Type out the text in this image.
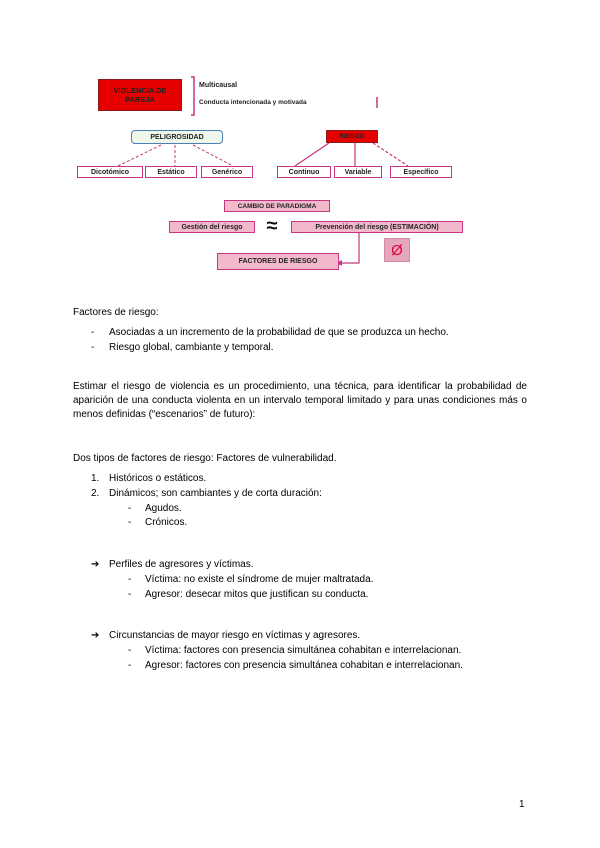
VIOLENCIA DE PAREJA
Multicausal
Conducta intencionada y motivada
PELIGROSIDAD	RIESGO
Dicotómico	Estático	Genérico	Continuo	Variable	Específico
CAMBIO DE PARADIGMA
Gestión del riesgo	≈	Prevención del riesgo (ESTIMACIÓN)
FACTORES DE RIESGO
Ø
Factores de riesgo:
- Asociadas a un incremento de la probabilidad de que se produzca un hecho.
- Riesgo global, cambiante y temporal.
Estimar el riesgo de violencia es un procedimiento, una técnica, para identificar la probabilidad de aparición de una conducta violenta en un intervalo temporal limitado y para unas condiciones más o menos definidas (“escenarios” de futuro):
Dos tipos de factores de riesgo: Factores de vulnerabilidad.
1. Históricos o estáticos.
2. Dinámicos; son cambiantes y de corta duración:
- Agudos.
- Crónicos.
➔ Perfiles de agresores y víctimas.
- Víctima: no existe el síndrome de mujer maltratada.
- Agresor: desecar mitos que justifican su conducta.
➔ Circunstancias de mayor riesgo en víctimas y agresores.
- Víctima: factores con presencia simultánea cohabitan e interrelacionan.
- Agresor: factores con presencia simultánea cohabitan e interrelacionan.
1
